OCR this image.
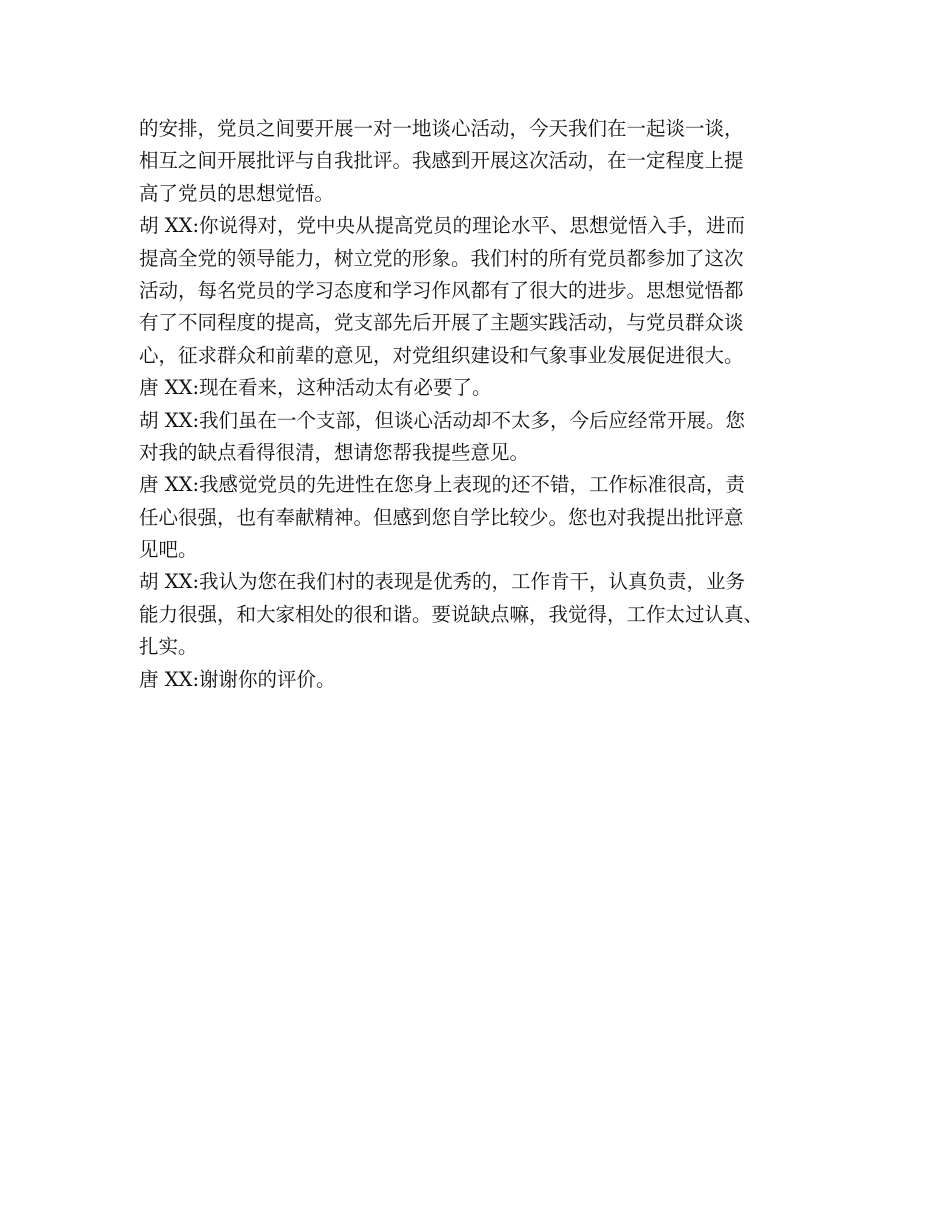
的安排，党员之间要开展一对一地谈心活动，今天我们在一起谈一谈，
相互之间开展批评与自我批评。我感到开展这次活动，在一定程度上提
高了党员的思想觉悟。
胡 XX:你说得对，党中央从提高党员的理论水平、思想觉悟入手，进而
提高全党的领导能力，树立党的形象。我们村的所有党员都参加了这次
活动，每名党员的学习态度和学习作风都有了很大的进步。思想觉悟都
有了不同程度的提高，党支部先后开展了主题实践活动，与党员群众谈
心，征求群众和前辈的意见，对党组织建设和气象事业发展促进很大。
唐 XX:现在看来，这种活动太有必要了。
胡 XX:我们虽在一个支部，但谈心活动却不太多，今后应经常开展。您
对我的缺点看得很清，想请您帮我提些意见。
唐 XX:我感觉党员的先进性在您身上表现的还不错，工作标准很高，责
任心很强，也有奉献精神。但感到您自学比较少。您也对我提出批评意
见吧。
胡 XX:我认为您在我们村的表现是优秀的，工作肯干，认真负责，业务
能力很强，和大家相处的很和谐。要说缺点嘛，我觉得，工作太过认真、
扎实。
唐 XX:谢谢你的评价。
